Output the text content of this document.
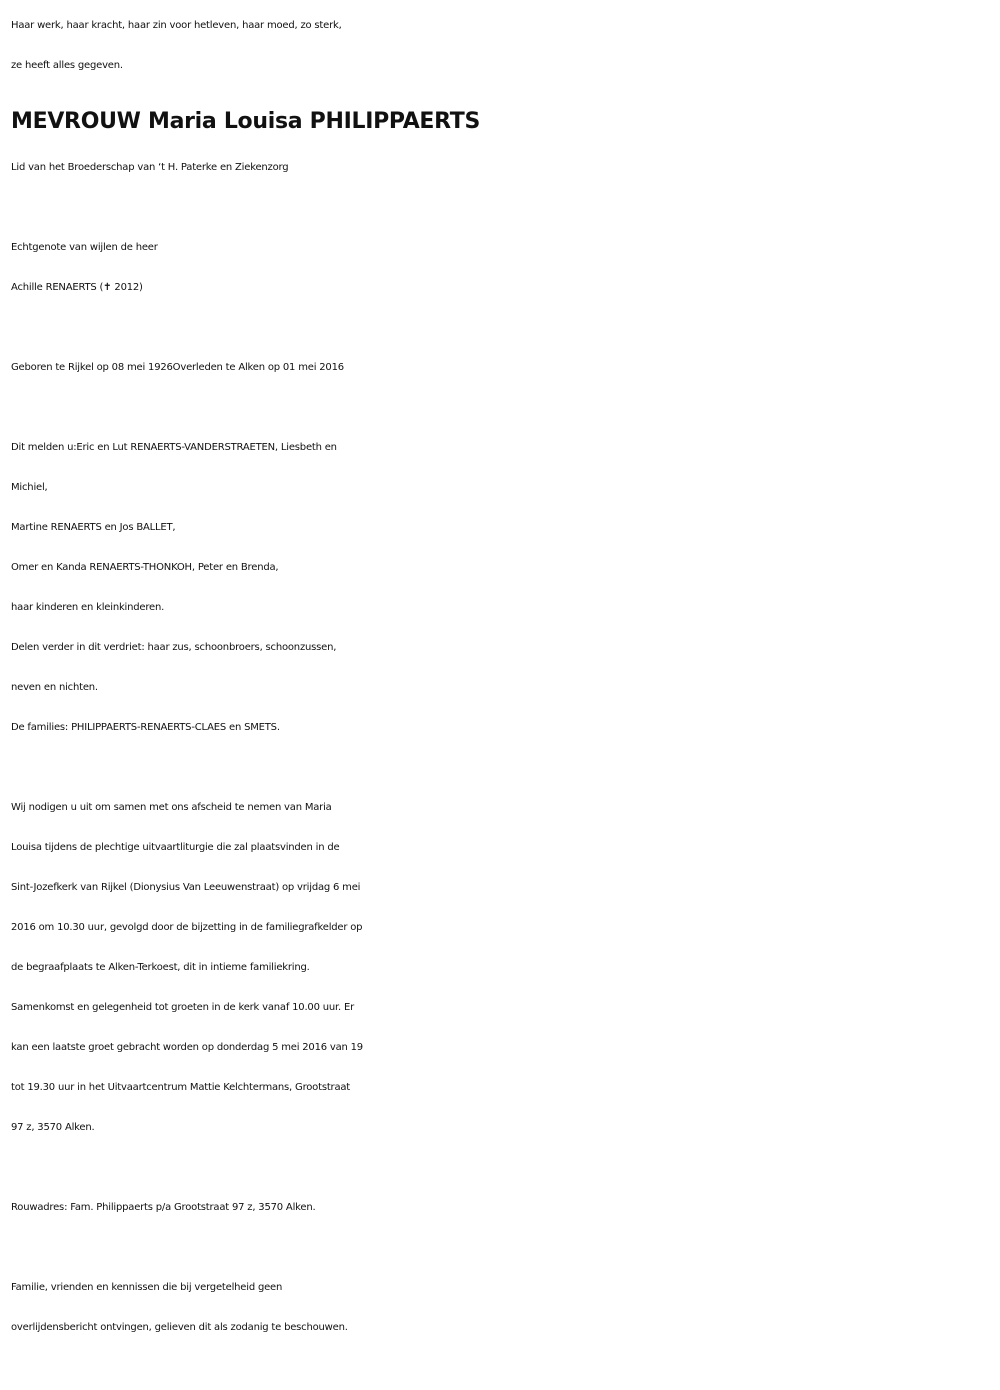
Haar werk, haar kracht, haar zin voor hetleven, haar moed, zo sterk,
ze heeft alles gegeven.
MEVROUW Maria Louisa PHILIPPAERTS
Lid van het Broederschap van ‘t H. Paterke en Ziekenzorg
Echtgenote van wijlen de heer
Achille RENAERTS (✝ 2012)
Geboren te Rijkel op 08 mei 1926Overleden te Alken op 01 mei 2016
Dit melden u:Eric en Lut RENAERTS-VANDERSTRAETEN, Liesbeth en
Michiel,
Martine RENAERTS en Jos BALLET,
Omer en Kanda RENAERTS-THONKOH, Peter en Brenda,
haar kinderen en kleinkinderen.
Delen verder in dit verdriet: haar zus, schoonbroers, schoonzussen,
neven en nichten.
De families: PHILIPPAERTS-RENAERTS-CLAES en SMETS.
Wij nodigen u uit om samen met ons afscheid te nemen van Maria
Louisa tijdens de plechtige uitvaartliturgie die zal plaatsvinden in de
Sint-Jozefkerk van Rijkel (Dionysius Van Leeuwenstraat) op vrijdag 6 mei
2016 om 10.30 uur, gevolgd door de bijzetting in de familiegrafkelder op
de begraafplaats te Alken-Terkoest, dit in intieme familiekring.
Samenkomst en gelegenheid tot groeten in de kerk vanaf 10.00 uur. Er
kan een laatste groet gebracht worden op donderdag 5 mei 2016 van 19
tot 19.30 uur in het Uitvaartcentrum Mattie Kelchtermans, Grootstraat
97 z, 3570 Alken.
Rouwadres: Fam. Philippaerts p/a Grootstraat 97 z, 3570 Alken.
Familie, vrienden en kennissen die bij vergetelheid geen
overlijdensbericht ontvingen, gelieven dit als zodanig te beschouwen.
